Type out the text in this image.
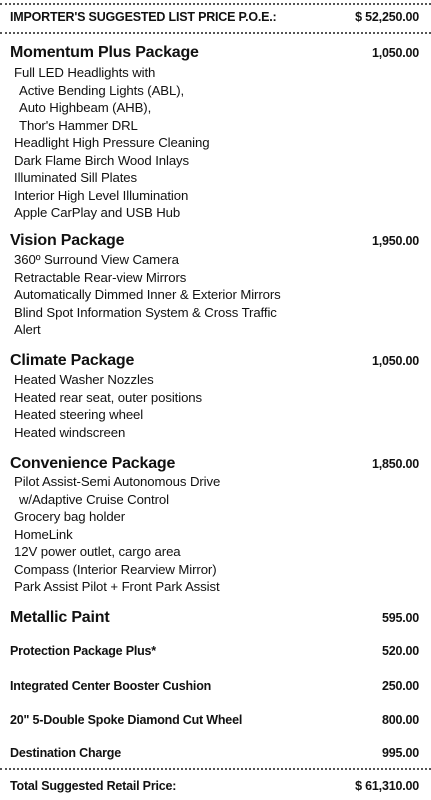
IMPORTER'S SUGGESTED LIST PRICE P.O.E.:	$ 52,250.00
Momentum Plus Package	1,050.00
Full LED Headlights with
Active Bending Lights (ABL),
Auto Highbeam (AHB),
Thor's Hammer DRL
Headlight High Pressure Cleaning
Dark Flame Birch Wood Inlays
Illuminated Sill Plates
Interior High Level Illumination
Apple CarPlay and USB Hub
Vision Package	1,950.00
360º Surround View Camera
Retractable Rear-view Mirrors
Automatically Dimmed Inner & Exterior Mirrors
Blind Spot Information System & Cross Traffic
Alert
Climate Package	1,050.00
Heated Washer Nozzles
Heated rear seat, outer positions
Heated steering wheel
Heated windscreen
Convenience Package	1,850.00
Pilot Assist-Semi Autonomous Drive
w/Adaptive Cruise Control
Grocery bag holder
HomeLink
12V power outlet, cargo area
Compass (Interior Rearview Mirror)
Park Assist Pilot + Front Park Assist
Metallic Paint	595.00
Protection Package Plus*	520.00
Integrated Center Booster Cushion	250.00
20" 5-Double Spoke Diamond Cut Wheel	800.00
Destination Charge	995.00
Total Suggested Retail Price:	$ 61,310.00
